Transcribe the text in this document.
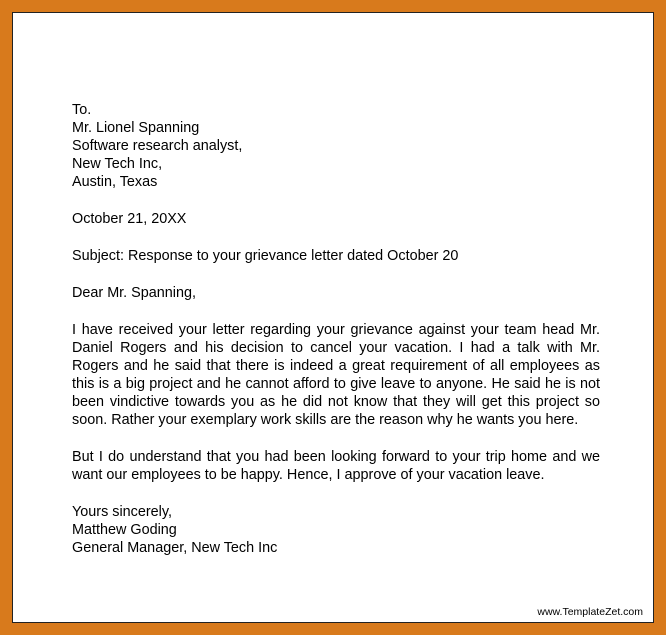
To.
Mr. Lionel Spanning
Software research analyst,
New Tech Inc,
Austin, Texas
October 21, 20XX
Subject: Response to your grievance letter dated October 20
Dear Mr. Spanning,

I have received your letter regarding your grievance against your team head Mr. Daniel Rogers and his decision to cancel your vacation. I had a talk with Mr. Rogers and he said that there is indeed a great requirement of all employees as this is a big project and he cannot afford to give leave to anyone. He said he is not been vindictive towards you as he did not know that they will get this project so soon. Rather your exemplary work skills are the reason why he wants you here.

But I do understand that you had been looking forward to your trip home and we want our employees to be happy. Hence, I approve of your vacation leave.

Yours sincerely,
Matthew Goding
General Manager, New Tech Inc
www.TemplateZet.com
